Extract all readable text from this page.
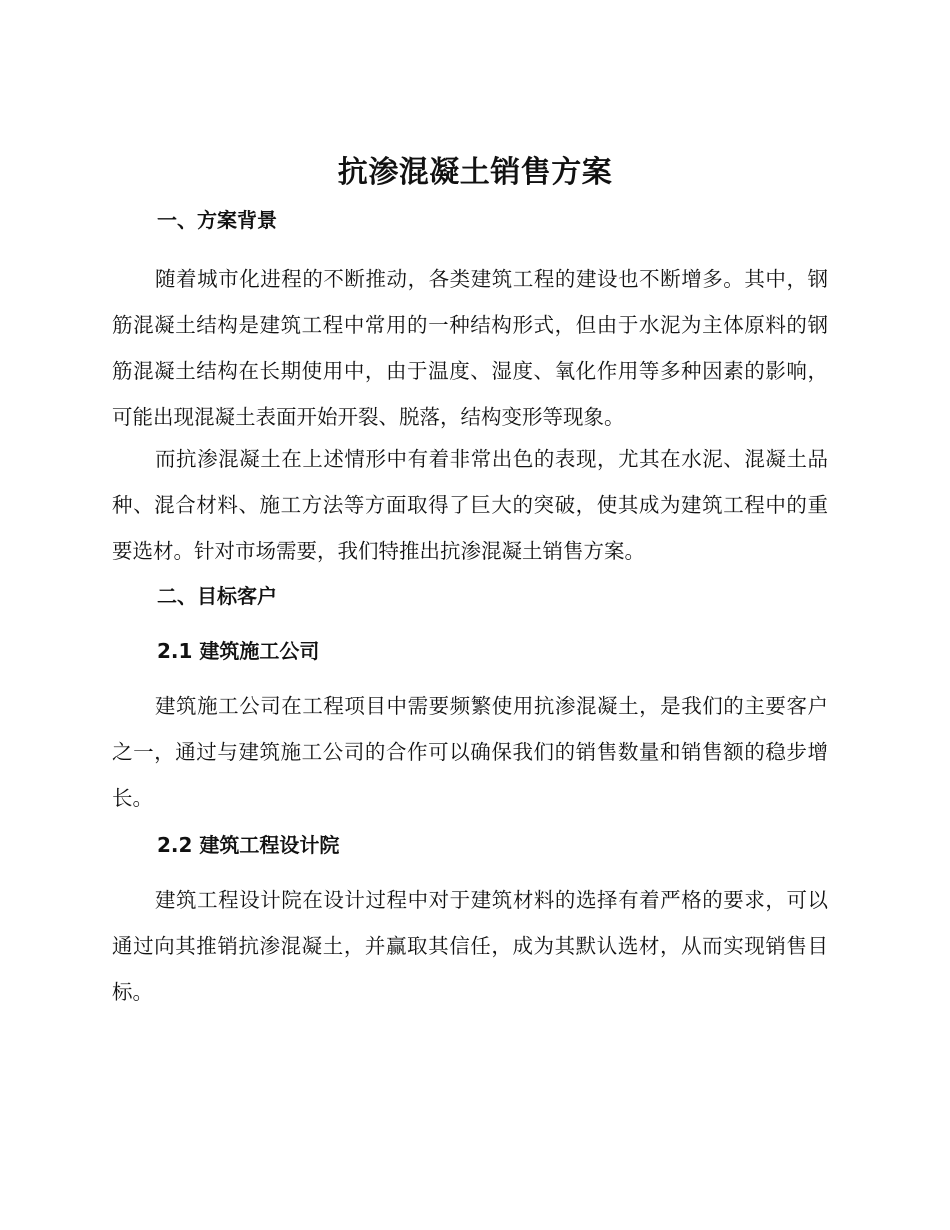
抗渗混凝土销售方案
一、方案背景

随着城市化进程的不断推动，各类建筑工程的建设也不断增多。其中，钢筋混凝土结构是建筑工程中常用的一种结构形式，但由于水泥为主体原料的钢筋混凝土结构在长期使用中，由于温度、湿度、氧化作用等多种因素的影响，可能出现混凝土表面开始开裂、脱落，结构变形等现象。

而抗渗混凝土在上述情形中有着非常出色的表现，尤其在水泥、混凝土品种、混合材料、施工方法等方面取得了巨大的突破，使其成为建筑工程中的重要选材。针对市场需要，我们特推出抗渗混凝土销售方案。

二、目标客户
2.1 建筑施工公司

建筑施工公司在工程项目中需要频繁使用抗渗混凝土，是我们的主要客户之一，通过与建筑施工公司的合作可以确保我们的销售数量和销售额的稳步增长。

2.2 建筑工程设计院

建筑工程设计院在设计过程中对于建筑材料的选择有着严格的要求，可以通过向其推销抗渗混凝土，并赢取其信任，成为其默认选材，从而实现销售目标。
